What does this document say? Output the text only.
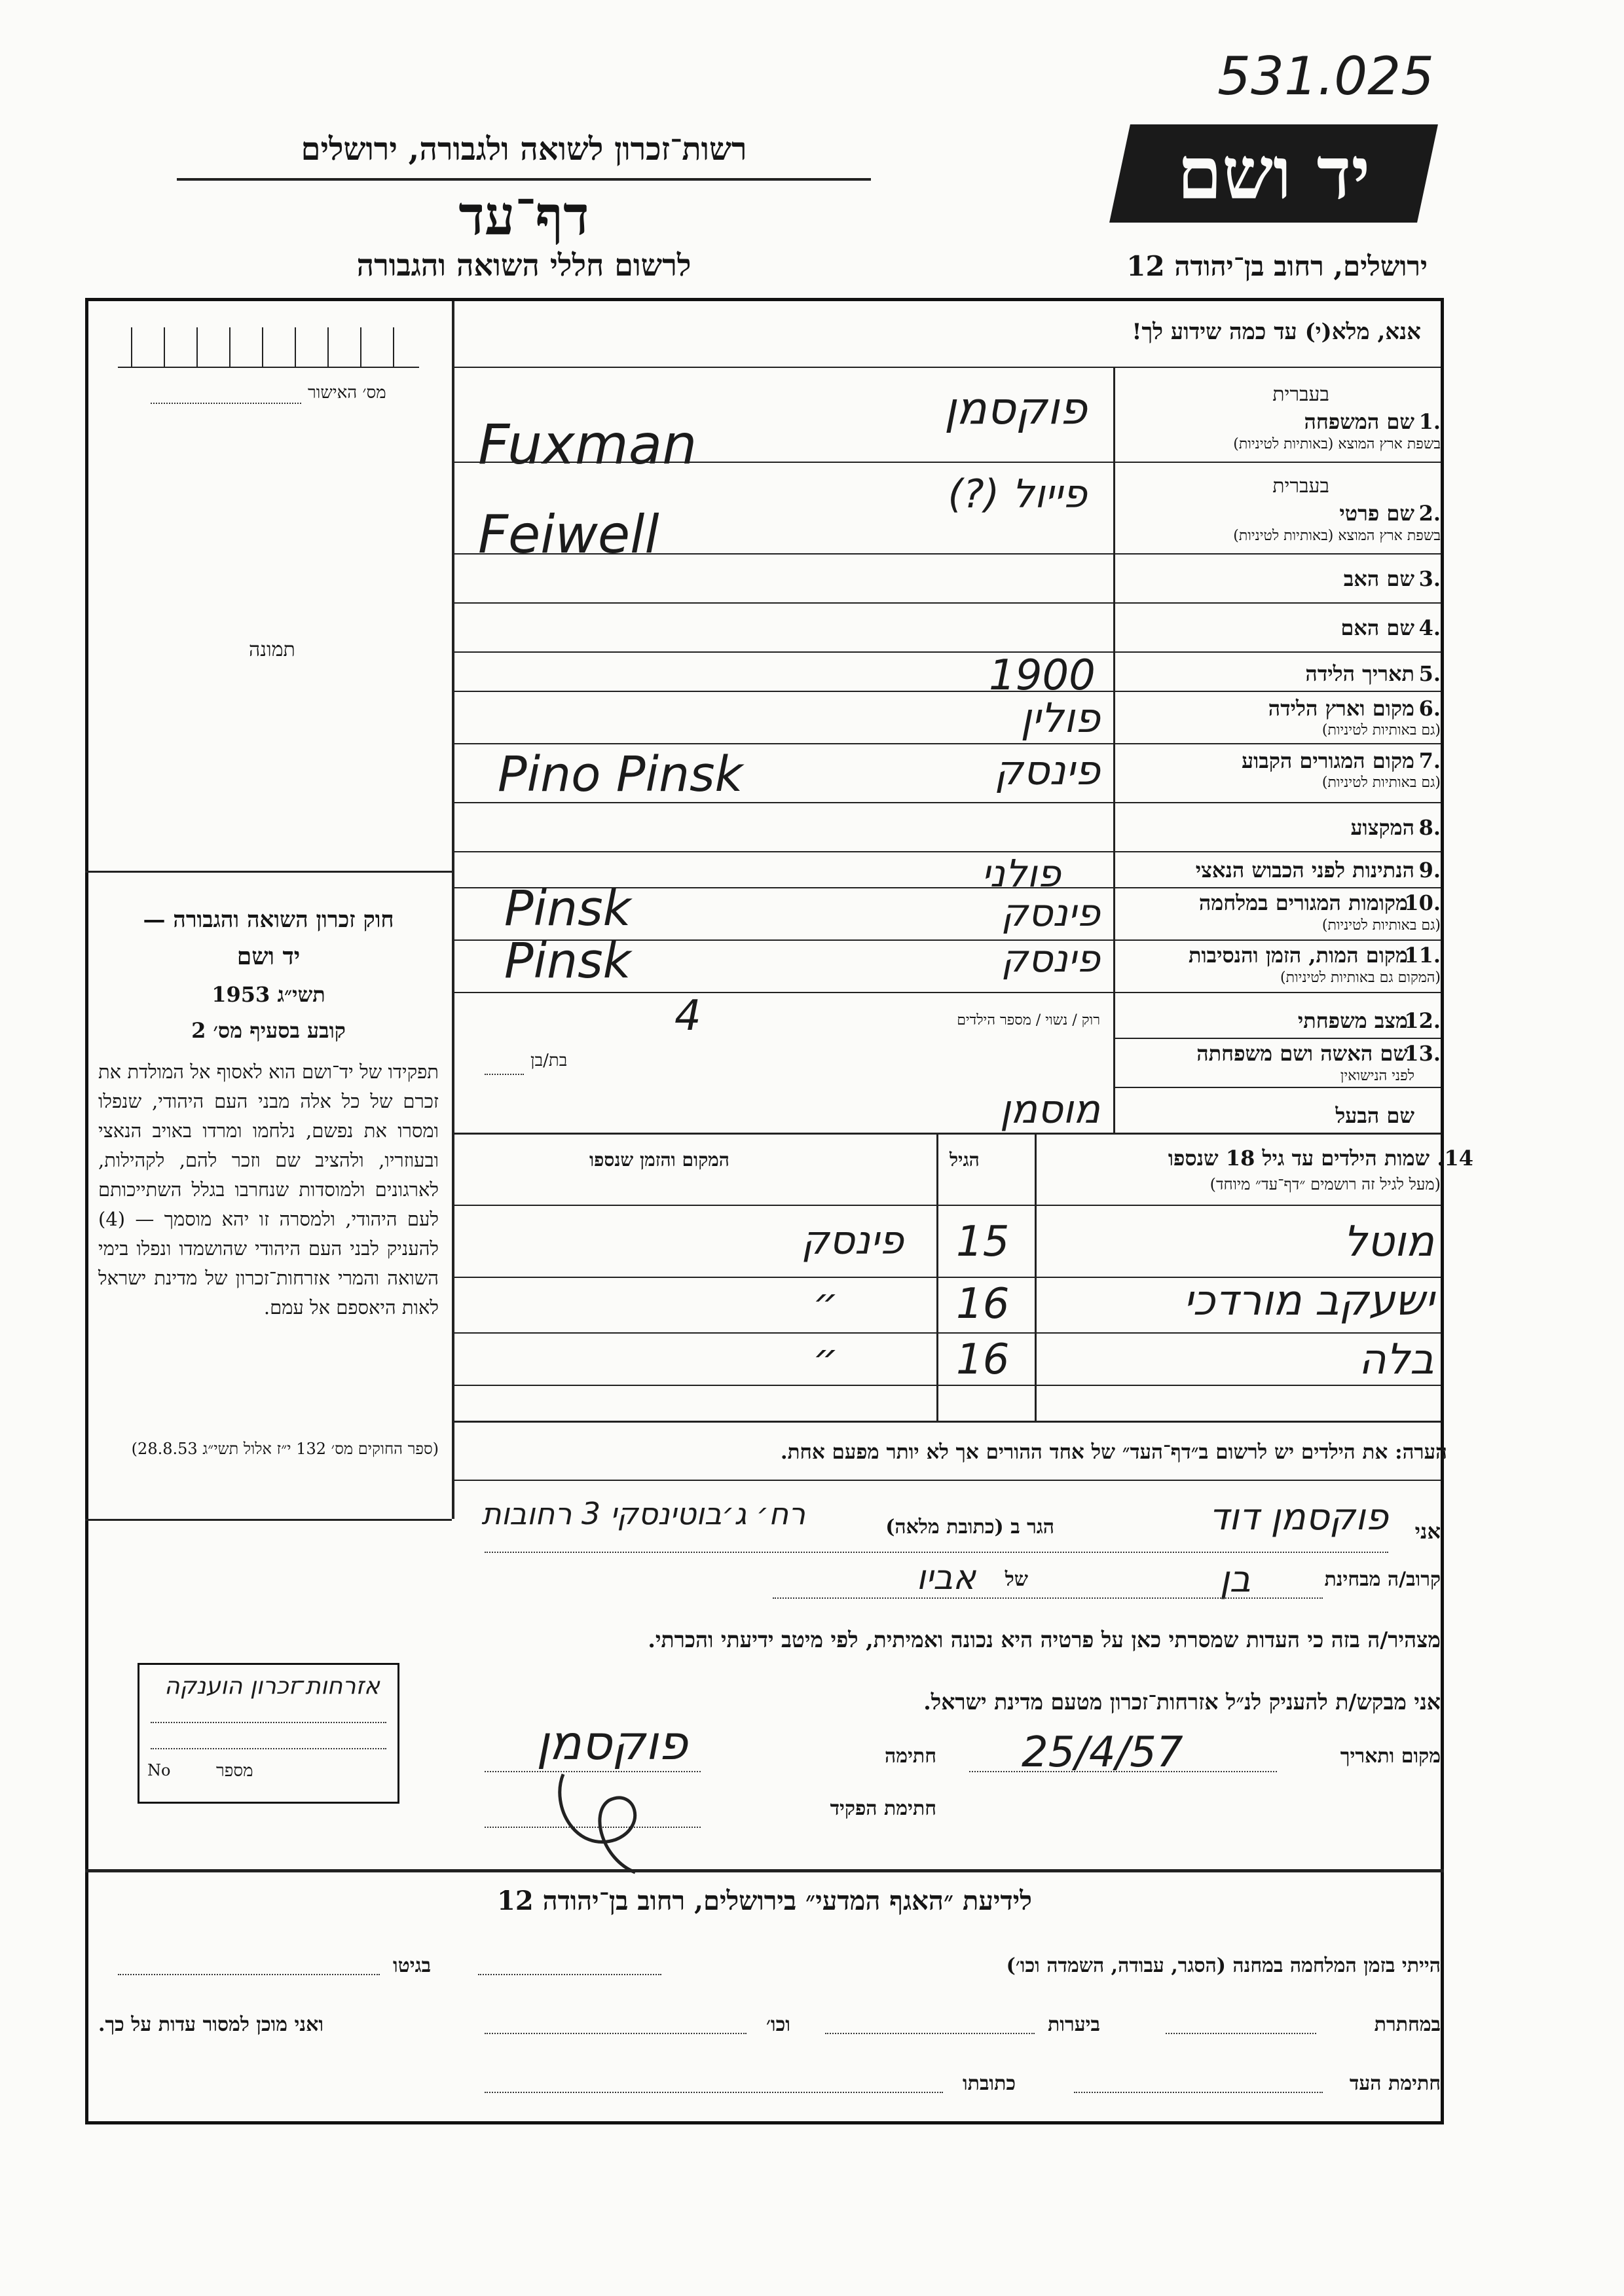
531.025
יד ושם
רשות־זכרון לשואה ולגבורה, ירושלים
דף־עד
לרשום חללי השואה והגבורה	ירושלים, רחוב בן־יהודה 12
אנא, מלא(י) עד כמה שידוע לך!
מס׳ האישור
תמונה
1.
שם המשפחה
בעברית
בשפת ארץ המוצא (באותיות לטיניות)
פוקסמן
Fuxman
2.
שם פרטי
בעברית
בשפת ארץ המוצא (באותיות לטיניות)
פייול (?)
Feiwell
3.
שם האב
4.
שם האם
5.
תאריך הלידה
1900
6.
מקום וארץ הלידה
(גם באותיות לטיניות)
פולין
7.
מקום המגורים הקבוע
(גם באותיות לטיניות)
פינסק
Pino Pinsk
8.
המקצוע
9.
הנתינות לפני הכבוש הנאצי
פולני
10.
מקומות המגורים במלחמה
(גם באותיות לטיניות)
פינסק
Pinsk
11.
מקום המות, הזמן והנסיבות
(המקום גם באותיות לטיניות)
פינסק
Pinsk
12.
מצב משפחתי
רוק / נשוי / מספר הילדים
4
13.
שם האשה ושם משפחתה
לפני הנישואין
בת/בן
שם הבעל
מוסמן
14. שמות הילדים עד גיל 18 שנספו
(מעל לגיל זה רושמים ״דף־עד״ מיוחד)
הגיל
המקום והזמן שנספו
מוטל
15
פינסק
ישעקב מורדכי
16
״
בלה
16
״
הערה: את הילדים יש לרשום ב״דף־העד״ של אחד ההורים אך לא יותר מפעם אחת.
חוק זכרון השואה והגבורה —
יד ושם
תשי״ג 1953
קובע בסעיף מס׳ 2
תפקידו של יד־ושם הוא לאסוף אל המולדת את זכרם של כל אלה מבני העם היהודי, שנפלו ומסרו את נפשם, נלחמו ומרדו באויב הנאצי ובעוזריו, ולהציב שם וזכר להם, לקהילות, לארגונים ולמוסדות שנחרבו בגלל השתייכותם לעם היהודי, ולמסרה זו יהא מוסמך — (4) להעניק לבני העם היהודי שהושמדו ונפלו בימי השואה והמרי אזרחות־זכרון של מדינת ישראל לאות היאספם אל עמם.
(ספר החוקים מס׳ 132 י״ז אלול תשי״ג 28.8.53)
אני
פוקסמן דוד
הגר ב (כתובת מלאה)
רח׳ ג׳בוטינסקי 3 רחובות
קרוב/ה מבחינת
בן
של
אביו
מצהיר/ה בזה כי העדות שמסרתי כאן על פרטיה היא נכונה ואמיתית, לפי מיטב ידיעתי והכרתי.
אני מבקש/ת להעניק לנ״ל אזרחות־זכרון מטעם מדינת ישראל.
מקום ותאריך
25/4/57
חתימה
פוקסמן
חתימת הפקיד
אזרחות־זכרון הוענקה
מספר
No
לידיעת ״האגף המדעי״ בירושלים, רחוב בן־יהודה 12
הייתי בזמן המלחמה במחנה (הסגר, עבודה, השמדה וכו׳)
בגיטו
במחתרת
ביערות
וכו׳
ואני מוכן למסור עדות על כך.
חתימת העד
כתובתו
